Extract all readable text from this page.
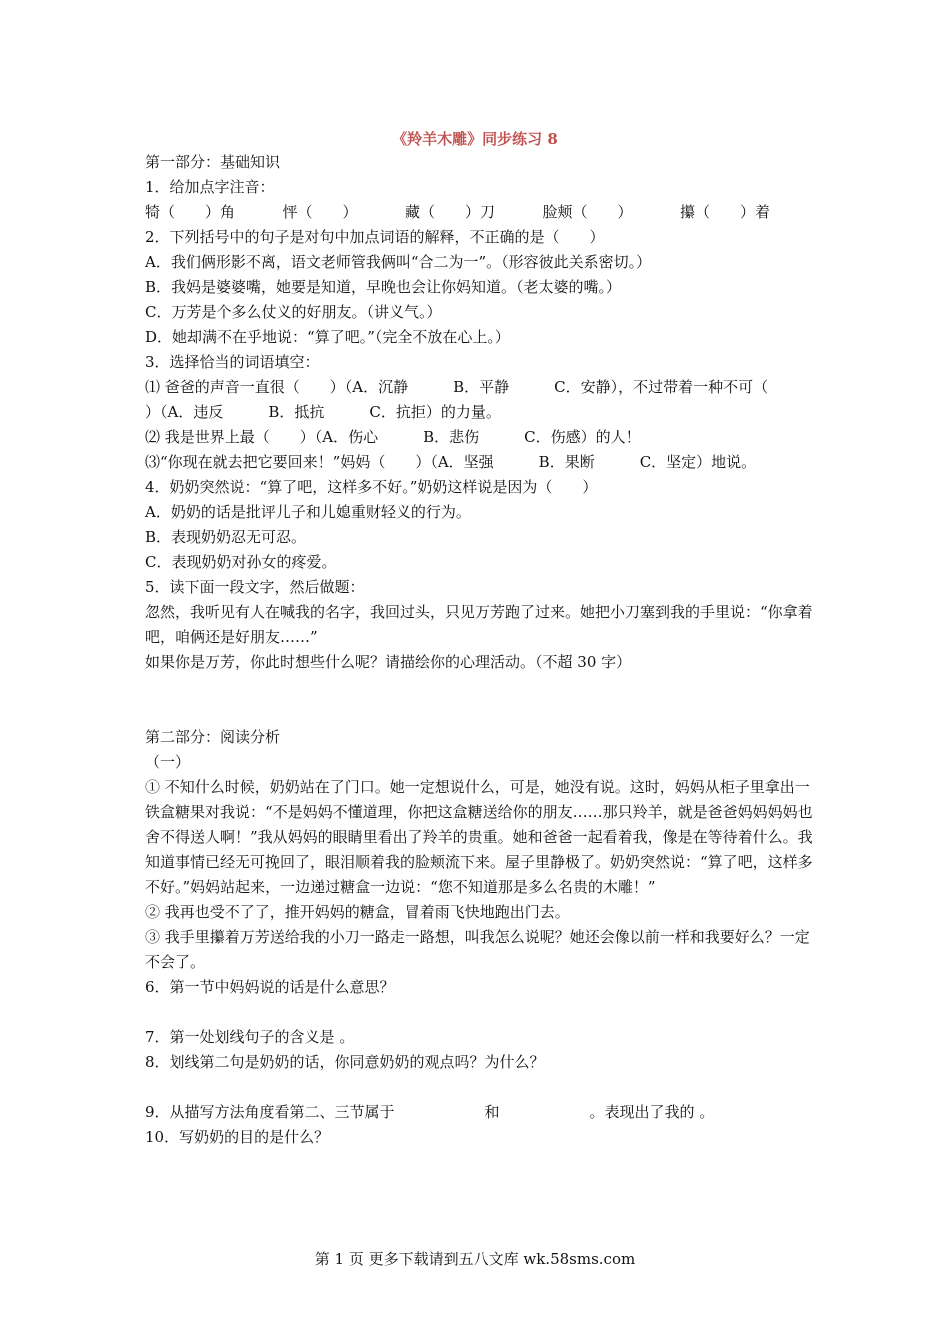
《羚羊木雕》同步练习 8
第一部分：基础知识
1．给加点字注音：
犄（　　）角	怦（　　）	藏（　　）刀	脸颊（　　）	攥（　　）着
2．下列括号中的句子是对句中加点词语的解释，不正确的是（　　）
A．我们俩形影不离，语文老师管我俩叫“合二为一”。（形容彼此关系密切。）
B．我妈是婆婆嘴，她要是知道，早晚也会让你妈知道。（老太婆的嘴。）
C．万芳是个多么仗义的好朋友。（讲义气。）
D．她却满不在乎地说：“算了吧。”（完全不放在心上。）
3．选择恰当的词语填空：
⑴ 爸爸的声音一直很（　　）（A．沉静　　　B．平静　　　C．安静），不过带着一种不可（　　　　　　　）（A．违反　　　B．抵抗　　　C．抗拒）的力量。
⑵ 我是世界上最（　　）（A．伤心　　　B．悲伤　　　C．伤感）的人！
⑶“你现在就去把它要回来！”妈妈（　　）（A．坚强　　　B．果断　　　C．坚定）地说。
4．奶奶突然说：“算了吧，这样多不好。”奶奶这样说是因为（　　）
A．奶奶的话是批评儿子和儿媳重财轻义的行为。
B．表现奶奶忍无可忍。
C．表现奶奶对孙女的疼爱。
5．读下面一段文字，然后做题：
忽然，我听见有人在喊我的名字，我回过头，只见万芳跑了过来。她把小刀塞到我的手里说：“你拿着吧，咱俩还是好朋友……”
如果你是万芳，你此时想些什么呢？请描绘你的心理活动。（不超 30 字）
第二部分：阅读分析
（一）
① 不知什么时候，奶奶站在了门口。她一定想说什么，可是，她没有说。这时，妈妈从柜子里拿出一铁盒糖果对我说：“不是妈妈不懂道理，你把这盒糖送给你的朋友……那只羚羊，就是爸爸妈妈妈妈也舍不得送人啊！”我从妈妈的眼睛里看出了羚羊的贵重。她和爸爸一起看着我，像是在等待着什么。我知道事情已经无可挽回了，眼泪顺着我的脸颊流下来。屋子里静极了。奶奶突然说：“算了吧，这样多不好。”妈妈站起来，一边递过糖盒一边说：“您不知道那是多么名贵的木雕！”
② 我再也受不了了，推开妈妈的糖盒，冒着雨飞快地跑出门去。
③ 我手里攥着万芳送给我的小刀一路走一路想，叫我怎么说呢？她还会像以前一样和我要好么？一定不会了。
6．第一节中妈妈说的话是什么意思？
7．第一处划线句子的含义是 。
8．划线第二句是奶奶的话，你同意奶奶的观点吗？为什么？
9．从描写方法角度看第二、三节属于　　　　　　和　　　　　　。表现出了我的 。
10．写奶奶的目的是什么？
第 1 页 更多下载请到五八文库 wk.58sms.com
